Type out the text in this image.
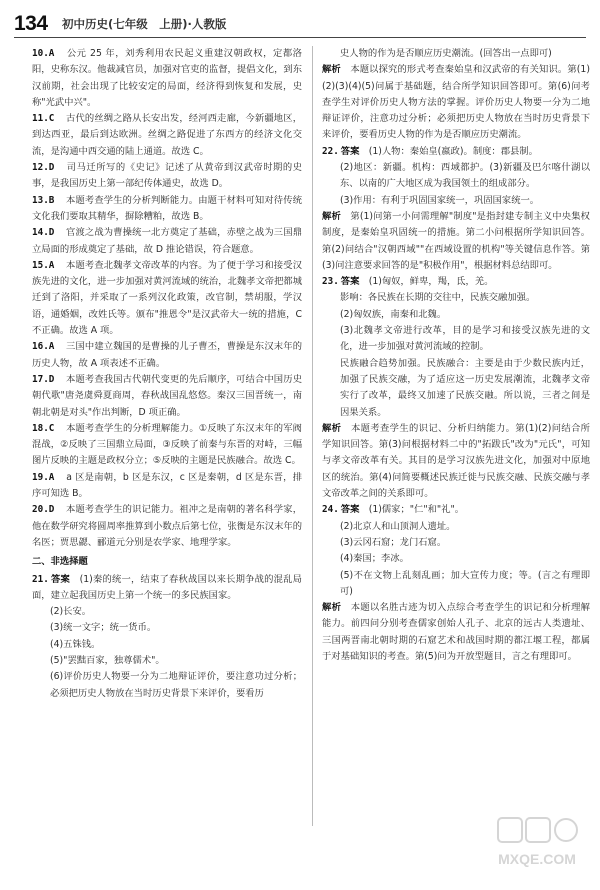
134 初中历史(七年级　上册)·人教版

10.A　 公元 25 年，刘秀利用农民起义重建汉朝政权，定都洛阳，史称东汉。他裁减官员，加强对官吏的监督，提倡文化，到东汉前期，社会出现了比较安定的局面，经济得到恢复和发展，史称"光武中兴"。

11.C　 古代的丝绸之路从长安出发，经河西走廊，今新疆地区，到达西亚，最后到达欧洲。丝绸之路促进了东西方的经济文化交流，是沟通中西交通的陆上通道。故选 C。

12.D　 司马迁所写的《史记》记述了从黄帝到汉武帝时期的史事，是我国历史上第一部纪传体通史，故选 D。

13.B　 本题考查学生的分析判断能力。由题干材料可知对待传统文化我们要取其精华，摒除糟粕，故选 B。

14.D　 官渡之战为曹操统一北方奠定了基础，赤壁之战为三国鼎立局面的形成奠定了基础，故 D 推论错误，符合题意。

15.A　 本题考查北魏孝文帝改革的内容。为了便于学习和接受汉族先进的文化，进一步加强对黄河流域的统治，北魏孝文帝把都城迁到了洛阳，并采取了一系列汉化政策，改官制，禁胡服，学汉语，通婚姻，改姓氏等。颁布"推恩令"是汉武帝大一统的措施，C 不正确。故选 A 项。

16.A　 三国中建立魏国的是曹操的儿子曹丕，曹操是东汉末年的历史人物，故 A 项表述不正确。

17.D　 本题考查我国古代朝代变更的先后顺序，可结合中国历史朝代歌"唐尧虞舜夏商周，春秋战国乱悠悠。秦汉三国晋统一，南朝北朝是对头"作出判断，D 项正确。

18.C　 本题考查学生的分析理解能力。①反映了东汉末年的军阀混战，②反映了三国鼎立局面，③反映了前秦与东晋的对峙，三幅图片反映的主题是政权分立；⑤反映的主题是民族融合。故选 C。

19.A　 a 区是南朝，b 区是东汉，c 区是秦朝，d 区是东晋，排序可知选 B。

20.D　 本题考查学生的识记能力。祖冲之是南朝的著名科学家，他在数学研究将圆周率推算到小数点后第七位，张衡是东汉末年的名医；贾思勰、郦道元分别是农学家、地理学家。

二、非选择题

21. 答案　 (1)秦的统一，结束了春秋战国以来长期争战的混乱局面，建立起我国历史上第一个统一的多民族国家。

(2)长安。

(3)统一文字；统一货币。

(4)五铢钱。

(5)"罢黜百家，独尊儒术"。

(6)评价历史人物要一分为二地辩证评价，要注意功过分析；必须把历史人物放在当时历史背景下来评价，要看历

史人物的作为是否顺应历史潮流。(回答出一点即可)

解析　 本题以探究的形式考查秦始皇和汉武帝的有关知识。第(1)(2)(3)(4)(5)问属于基础题，结合所学知识回答即可。第(6)问考查学生对评价历史人物方法的掌握。评价历史人物要一分为二地辩证评价，注意功过分析；必须把历史人物放在当时历史背景下来评价，要看历史人物的作为是否顺应历史潮流。

22. 答案　 (1)人物：秦始皇(嬴政)。制度：郡县制。

(2)地区：新疆。机构：西域都护。(3)新疆及巴尔喀什湖以东、以南的广大地区成为我国领土的组成部分。

(3)作用：有利于巩固国家统一，巩固国家统一。

解析　 第(1)问第一小问需理解"制度"是指封建专制主义中央集权制度，是秦始皇巩固统一的措施。第二小问根据所学知识回答。第(2)问结合"汉朝西域""在西域设置的机构"等关键信息作答。第(3)问注意要求回答的是"积极作用"，根据材料总结即可。

23. 答案　 (1)匈奴，鲜卑，羯，氐，羌。

影响：各民族在长期的交往中，民族交融加强。

(2)匈奴族，南秦和北魏。

(3)北魏孝文帝进行改革，目的是学习和接受汉族先进的文化，进一步加强对黄河流域的控制。

民族融合趋势加强。民族融合：主要是由于少数民族内迁，加强了民族交融，为了适应这一历史发展潮流，北魏孝文帝实行了改革，最终又加速了民族交融。所以说，三者之间是因果关系。

解析　 本题考查学生的识记、分析归纳能力。第(1)(2)问结合所学知识回答。第(3)问根据材料二中的"拓跋氏"改为"元氏"，可知与孝文帝改革有关。其目的是学习汉族先进文化，加强对中原地区的统治。第(4)问简要概述民族迁徙与民族交融、民族交融与孝文帝改革之间的关系即可。

24. 答案　 (1)儒家；"仁"和"礼"。

(2)北京人和山顶洞人遗址。

(3)云冈石窟；龙门石窟。

(4)秦国；李冰。

(5)不在文物上乱刻乱画；加大宣传力度；等。(言之有理即可)

解析　 本题以名胜古迹为切入点综合考查学生的识记和分析理解能力。前四问分别考查儒家创始人孔子、北京的远古人类遗址、三国两晋南北朝时期的石窟艺术和战国时期的都江堰工程，都属于对基础知识的考查。第(5)问为开放型题目，言之有理即可。

MXQE.COM
